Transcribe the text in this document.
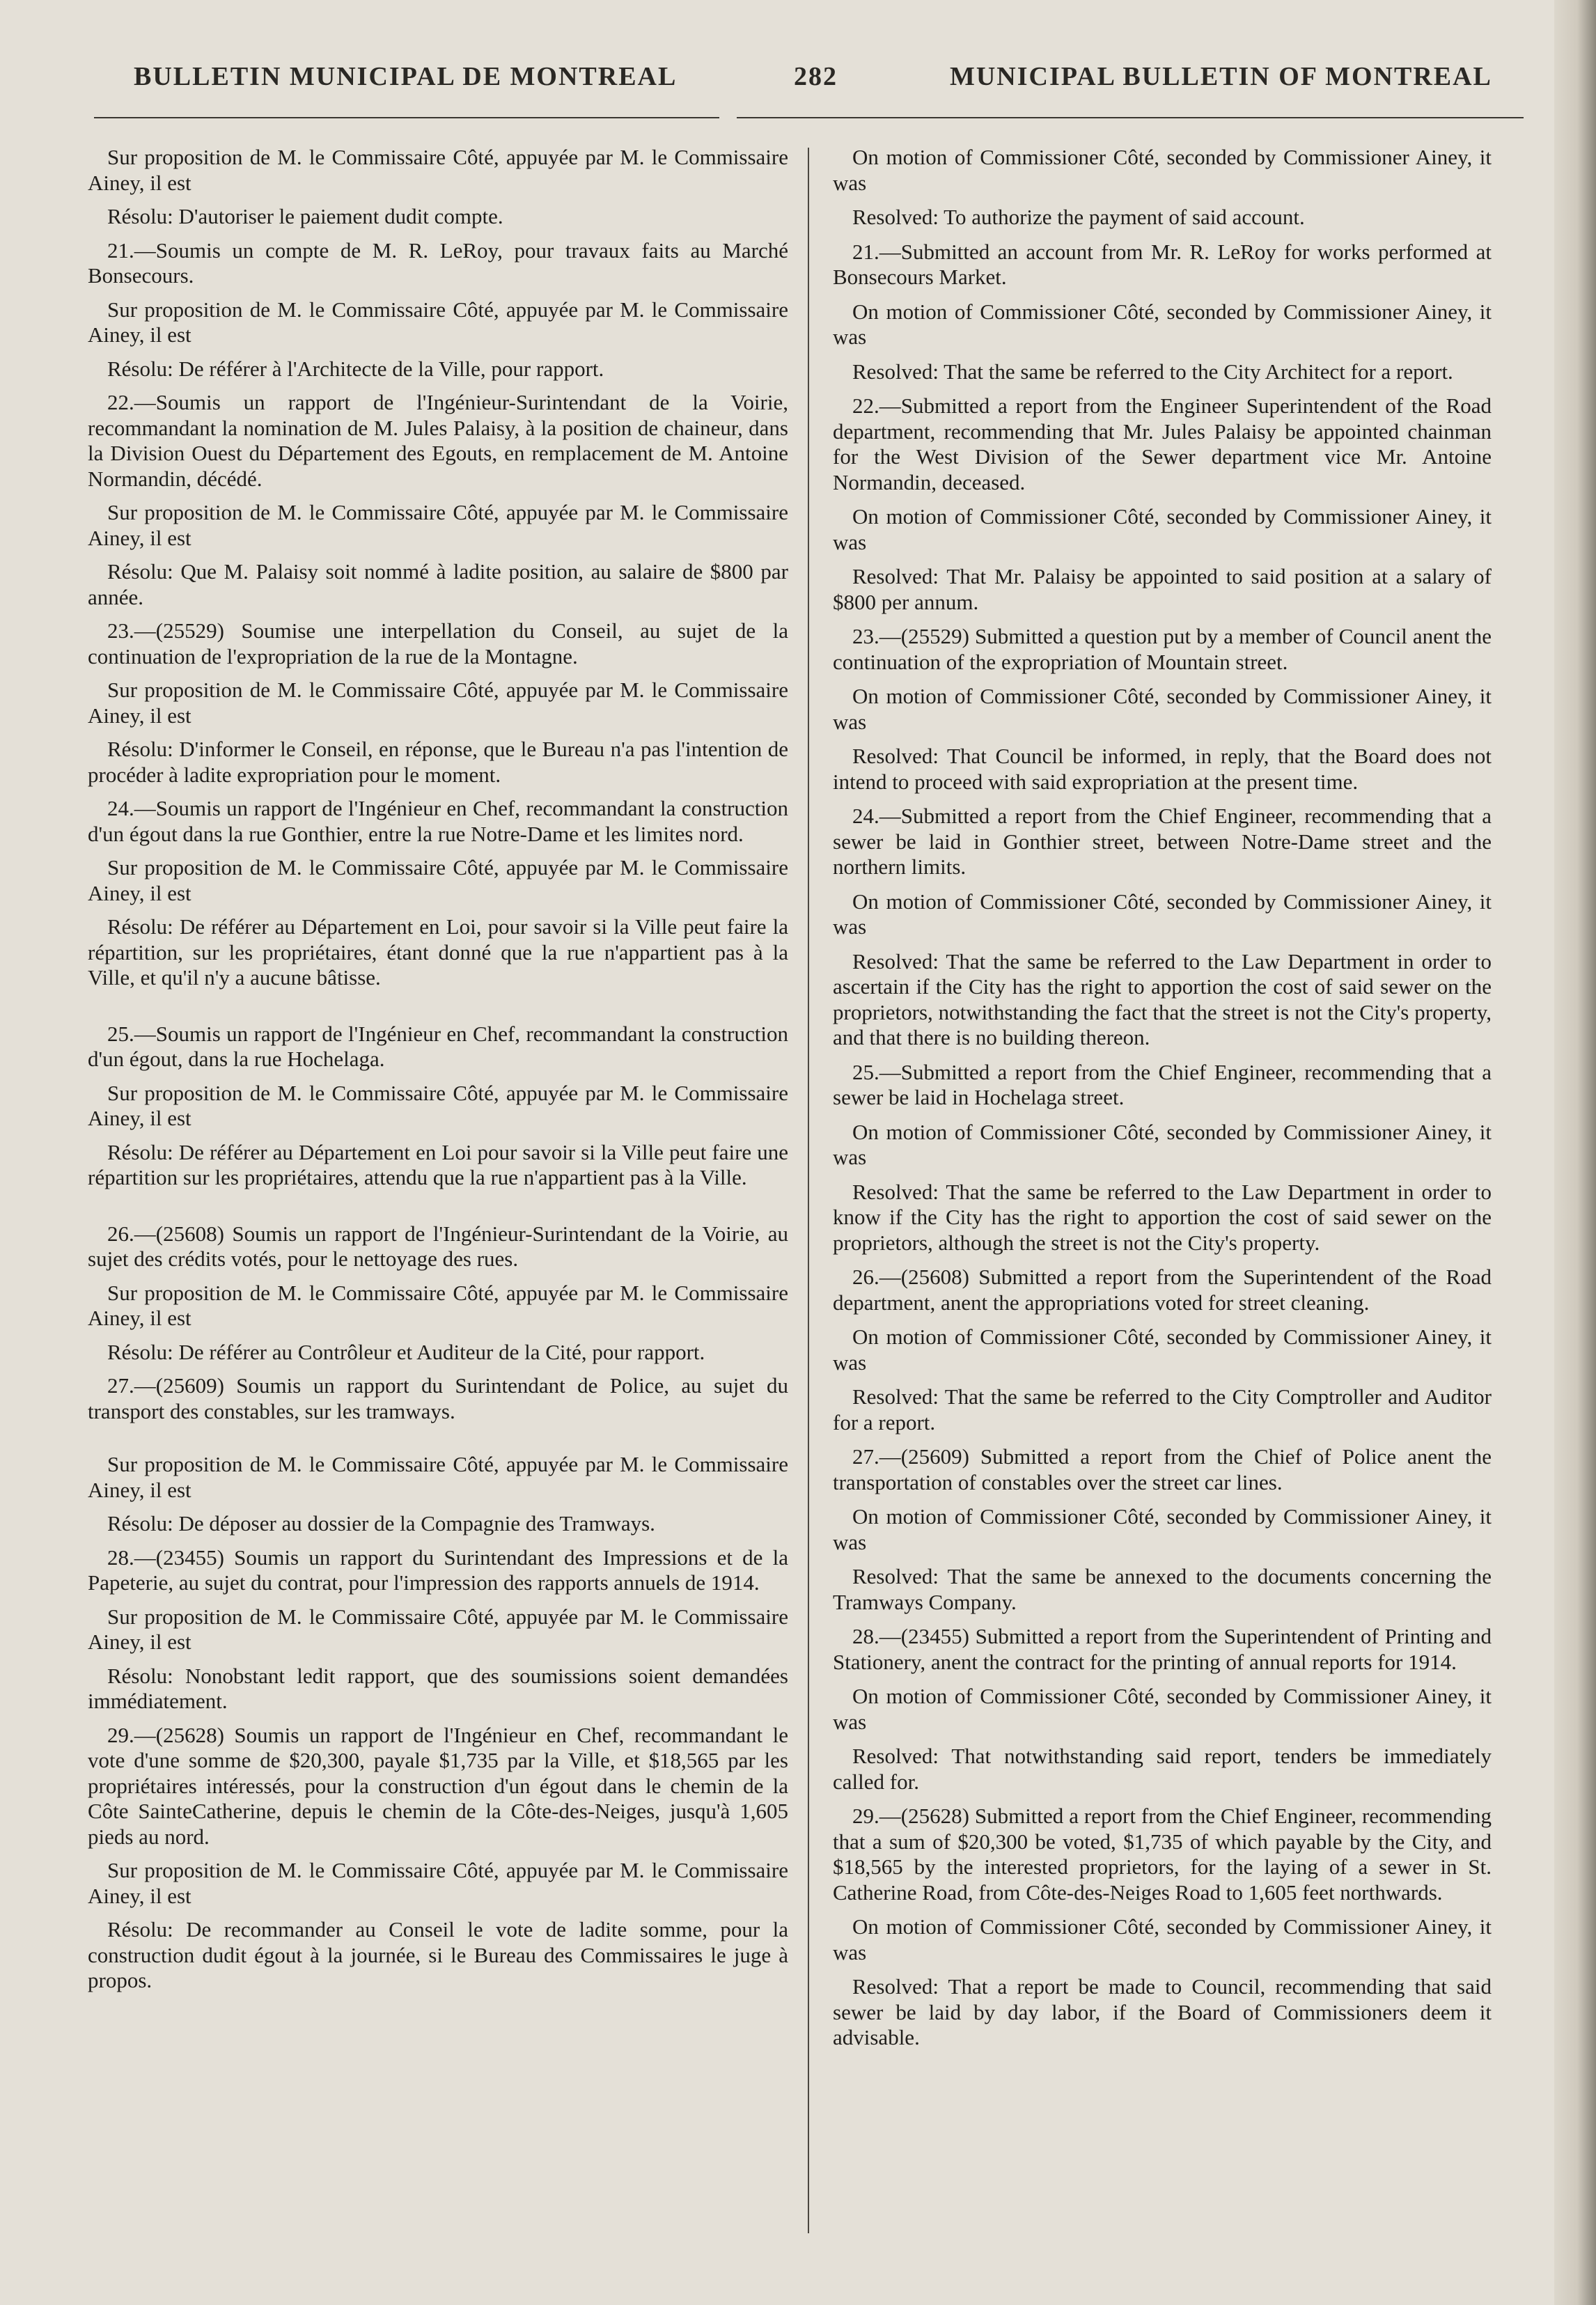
BULLETIN MUNICIPAL DE MONTREAL	282	MUNICIPAL BULLETIN OF MONTREAL

Sur proposition de M. le Commissaire Côté, appuyée par M. le Commissaire Ainey, il est

Résolu: D'autoriser le paiement dudit compte.

21.—Soumis un compte de M. R. LeRoy, pour travaux faits au Marché Bonsecours.

Sur proposition de M. le Commissaire Côté, appuyée par M. le Commissaire Ainey, il est

Résolu: De référer à l'Architecte de la Ville, pour rapport.

22.—Soumis un rapport de l'Ingénieur-Surintendant de la Voirie, recommandant la nomination de M. Jules Palaisy, à la position de chaineur, dans la Division Ouest du Département des Egouts, en remplacement de M. Antoine Normandin, décédé.

Sur proposition de M. le Commissaire Côté, appuyée par M. le Commissaire Ainey, il est

Résolu: Que M. Palaisy soit nommé à ladite position, au salaire de $800 par année.

23.—(25529) Soumise une interpellation du Conseil, au sujet de la continuation de l'expropriation de la rue de la Montagne.

Sur proposition de M. le Commissaire Côté, appuyée par M. le Commissaire Ainey, il est

Résolu: D'informer le Conseil, en réponse, que le Bureau n'a pas l'intention de procéder à ladite expropriation pour le moment.

24.—Soumis un rapport de l'Ingénieur en Chef, recommandant la construction d'un égout dans la rue Gonthier, entre la rue Notre-Dame et les limites nord.

Sur proposition de M. le Commissaire Côté, appuyée par M. le Commissaire Ainey, il est

Résolu: De référer au Département en Loi, pour savoir si la Ville peut faire la répartition, sur les propriétaires, étant donné que la rue n'appartient pas à la Ville, et qu'il n'y a aucune bâtisse.

25.—Soumis un rapport de l'Ingénieur en Chef, recommandant la construction d'un égout, dans la rue Hochelaga.

Sur proposition de M. le Commissaire Côté, appuyée par M. le Commissaire Ainey, il est

Résolu: De référer au Département en Loi pour savoir si la Ville peut faire une répartition sur les propriétaires, attendu que la rue n'appartient pas à la Ville.

26.—(25608) Soumis un rapport de l'Ingénieur-Surintendant de la Voirie, au sujet des crédits votés, pour le nettoyage des rues.

Sur proposition de M. le Commissaire Côté, appuyée par M. le Commissaire Ainey, il est

Résolu: De référer au Contrôleur et Auditeur de la Cité, pour rapport.

27.—(25609) Soumis un rapport du Surintendant de Police, au sujet du transport des constables, sur les tramways.

Sur proposition de M. le Commissaire Côté, appuyée par M. le Commissaire Ainey, il est

Résolu: De déposer au dossier de la Compagnie des Tramways.

28.—(23455) Soumis un rapport du Surintendant des Impressions et de la Papeterie, au sujet du contrat, pour l'impression des rapports annuels de 1914.

Sur proposition de M. le Commissaire Côté, appuyée par M. le Commissaire Ainey, il est

Résolu: Nonobstant ledit rapport, que des soumissions soient demandées immédiatement.

29.—(25628) Soumis un rapport de l'Ingénieur en Chef, recommandant le vote d'une somme de $20,300, payale $1,735 par la Ville, et $18,565 par les propriétaires intéressés, pour la construction d'un égout dans le chemin de la Côte SainteCatherine, depuis le chemin de la Côte-des-Neiges, jusqu'à 1,605 pieds au nord.

Sur proposition de M. le Commissaire Côté, appuyée par M. le Commissaire Ainey, il est

Résolu: De recommander au Conseil le vote de ladite somme, pour la construction dudit égout à la journée, si le Bureau des Commissaires le juge à propos.

On motion of Commissioner Côté, seconded by Commissioner Ainey, it was

Resolved: To authorize the payment of said account.

21.—Submitted an account from Mr. R. LeRoy for works performed at Bonsecours Market.

On motion of Commissioner Côté, seconded by Commissioner Ainey, it was

Resolved: That the same be referred to the City Architect for a report.

22.—Submitted a report from the Engineer Superintendent of the Road department, recommending that Mr. Jules Palaisy be appointed chainman for the West Division of the Sewer department vice Mr. Antoine Normandin, deceased.

On motion of Commissioner Côté, seconded by Commissioner Ainey, it was

Resolved: That Mr. Palaisy be appointed to said position at a salary of $800 per annum.

23.—(25529) Submitted a question put by a member of Council anent the continuation of the expropriation of Mountain street.

On motion of Commissioner Côté, seconded by Commissioner Ainey, it was

Resolved: That Council be informed, in reply, that the Board does not intend to proceed with said expropriation at the present time.

24.—Submitted a report from the Chief Engineer, recommending that a sewer be laid in Gonthier street, between Notre-Dame street and the northern limits.

On motion of Commissioner Côté, seconded by Commissioner Ainey, it was

Resolved: That the same be referred to the Law Department in order to ascertain if the City has the right to apportion the cost of said sewer on the proprietors, notwithstanding the fact that the street is not the City's property, and that there is no building thereon.

25.—Submitted a report from the Chief Engineer, recommending that a sewer be laid in Hochelaga street.

On motion of Commissioner Côté, seconded by Commissioner Ainey, it was

Resolved: That the same be referred to the Law Department in order to know if the City has the right to apportion the cost of said sewer on the proprietors, although the street is not the City's property.

26.—(25608) Submitted a report from the Superintendent of the Road department, anent the appropriations voted for street cleaning.

On motion of Commissioner Côté, seconded by Commissioner Ainey, it was

Resolved: That the same be referred to the City Comptroller and Auditor for a report.

27.—(25609) Submitted a report from the Chief of Police anent the transportation of constables over the street car lines.

On motion of Commissioner Côté, seconded by Commissioner Ainey, it was

Resolved: That the same be annexed to the documents concerning the Tramways Company.

28.—(23455) Submitted a report from the Superintendent of Printing and Stationery, anent the contract for the printing of annual reports for 1914.

On motion of Commissioner Côté, seconded by Commissioner Ainey, it was

Resolved: That notwithstanding said report, tenders be immediately called for.

29.—(25628) Submitted a report from the Chief Engineer, recommending that a sum of $20,300 be voted, $1,735 of which payable by the City, and $18,565 by the interested proprietors, for the laying of a sewer in St. Catherine Road, from Côte-des-Neiges Road to 1,605 feet northwards.

On motion of Commissioner Côté, seconded by Commissioner Ainey, it was

Resolved: That a report be made to Council, recommending that said sewer be laid by day labor, if the Board of Commissioners deem it advisable.
